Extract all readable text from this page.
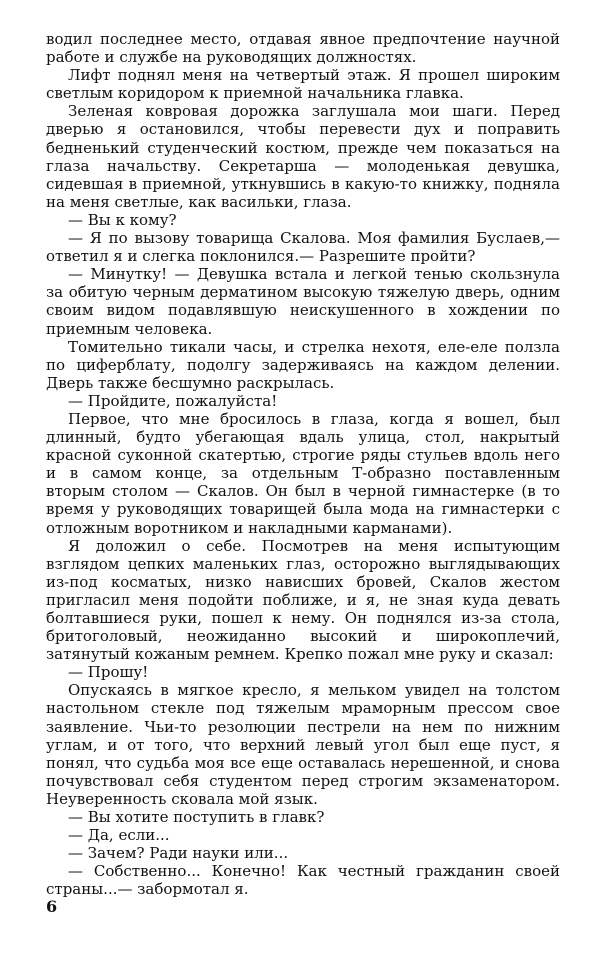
водил последнее место, отдавая явное предпочтение научной работе и службе на руководящих должностях.

Лифт поднял меня на четвертый этаж. Я прошел широким светлым коридором к приемной начальника главка.

Зеленая ковровая дорожка заглушала мои шаги. Перед дверью я остановился, чтобы перевести дух и поправить бедненький студенческий костюм, прежде чем показаться на глаза начальству. Секретарша — молоденькая девушка, сидевшая в приемной, уткнувшись в какую-то книжку, подняла на меня светлые, как васильки, глаза.

— Вы к кому?

— Я по вызову товарища Скалова. Моя фамилия Буслаев,— ответил я и слегка поклонился.— Разрешите пройти?

— Минутку! — Девушка встала и легкой тенью скользнула за обитую черным дерматином высокую тяжелую дверь, одним своим видом подавлявшую неискушенного в хождении по приемным человека.

Томительно тикали часы, и стрелка нехотя, еле-еле ползла по циферблату, подолгу задерживаясь на каждом делении. Дверь также бесшумно раскрылась.

— Пройдите, пожалуйста!

Первое, что мне бросилось в глаза, когда я вошел, был длинный, будто убегающая вдаль улица, стол, накрытый красной суконной скатертью, строгие ряды стульев вдоль него и в самом конце, за отдельным Т-образно поставленным вторым столом — Скалов. Он был в черной гимнастерке (в то время у руководящих товарищей была мода на гимнастерки с отложным воротником и накладными карманами).

Я доложил о себе. Посмотрев на меня испытующим взглядом цепких маленьких глаз, осторожно выглядывающих из-под косматых, низко нависших бровей, Скалов жестом пригласил меня подойти поближе, и я, не зная куда девать болтавшиеся руки, пошел к нему. Он поднялся из-за стола, бритоголовый, неожиданно высокий и широкоплечий, затянутый кожаным ремнем. Крепко пожал мне руку и сказал:

— Прошу!

Опускаясь в мягкое кресло, я мельком увидел на толстом настольном стекле под тяжелым мраморным прессом свое заявление. Чьи-то резолюции пестрели на нем по нижним углам, и от того, что верхний левый угол был еще пуст, я понял, что судьба моя все еще оставалась нерешенной, и снова почувствовал себя студентом перед строгим экзаменатором. Неуверенность сковала мой язык.

— Вы хотите поступить в главк?

— Да, если...

— Зачем? Ради науки или...

— Собственно... Конечно! Как честный гражданин своей страны...— забормотал я.

6
